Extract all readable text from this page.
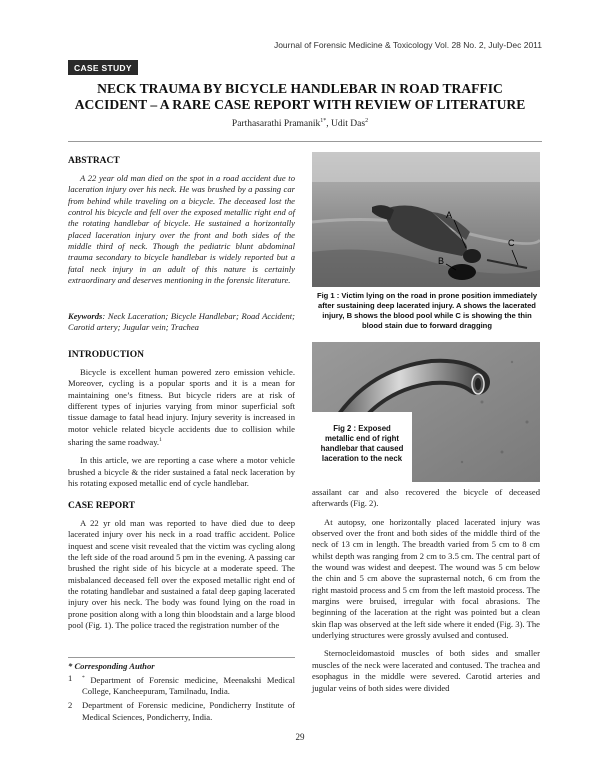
Journal of Forensic Medicine & Toxicology Vol. 28 No. 2, July-Dec 2011
CASE STUDY
NECK TRAUMA BY BICYCLE HANDLEBAR IN ROAD TRAFFIC ACCIDENT – A RARE CASE REPORT WITH REVIEW OF LITERATURE
Parthasarathi Pramanik$^{1*}$, Udit Das$^2$
ABSTRACT

A 22 year old man died on the spot in a road accident due to laceration injury over his neck. He was brushed by a passing car from behind while traveling on a bicycle. The deceased lost the control his bicycle and fell over the exposed metallic right end of the rotating handlebar of bicycle. He sustained a horizontally placed laceration injury over the front and both sides of the middle third of neck. Though the pediatric blunt abdominal trauma secondary to bicycle handlebar is widely reported but a fatal neck injury in an adult of this nature is certainly extraordinary and deserves mentioning in the forensic literature.

Keywords: Neck Laceration; Bicycle Handlebar; Road Accident; Carotid artery; Jugular vein; Trachea
INTRODUCTION

Bicycle is excellent human powered zero emission vehicle. Moreover, cycling is a popular sports and it is a mean for maintaining one’s fitness. But bicycle riders are at risk of different types of injuries varying from minor superficial soft tissue damage to fatal head injury. Injury severity is increased in motor vehicle related bicycle accidents due to collision while sharing the same roadway.$^1$

In this article, we are reporting a case where a motor vehicle brushed a bicycle & the rider sustained a fatal neck laceration by his rotating exposed metallic end of cycle handlebar.

CASE REPORT

A 22 yr old man was reported to have died due to deep lacerated injury over his neck in a road traffic accident. Police inquest and scene visit revealed that the victim was cycling along the left side of the road around 5 pm in the evening. A passing car brushed the right side of his bicycle at a moderate speed. The misbalanced deceased fell over the exposed metallic right end of the rotating handlebar and sustained a fatal deep gaping lacerated injury over his neck. The body was found lying on the road in prone position along with a long thin bloodstain and a large blood pool (Fig. 1). The police traced the registration number of the

* Corresponding Author
1	* Department of Forensic medicine, Meenakshi Medical College, Kancheepuram, Tamilnadu, India.
2	Department of Forensic medicine, Pondicherry Institute of Medical Sciences, Pondicherry, India.
A
B
C
Fig 1 : Victim lying on the road in prone position immediately after sustaining deep lacerated injury. A shows the lacerated injury, B shows the blood pool while C is showing the thin blood stain due to forward dragging
Fig 2 : Exposed metallic end of right handlebar that caused laceration to the neck

assailant car and also recovered the bicycle of deceased afterwards (Fig. 2).

At autopsy, one horizontally placed lacerated injury was observed over the front and both sides of the middle third of the neck of 13 cm in length. The breadth varied from 5 cm to 8 cm whilst depth was ranging from 2 cm to 3.5 cm. The central part of the wound was widest and deepest. The wound was 5 cm below the chin and 5 cm above the suprasternal notch, 6 cm from the right mastoid process and 5 cm from the left mastoid process. The margins were bruised, irregular with focal abrasions. The beginning of the laceration at the right was pointed but a clean skin flap was observed at the left side where it ended (Fig. 3). The underlying structures were grossly avulsed and contused.

Sternocleidomastoid muscles of both sides and smaller muscles of the neck were lacerated and contused. The trachea and esophagus in the middle were severed. Carotid arteries and jugular veins of both sides were divided

29
